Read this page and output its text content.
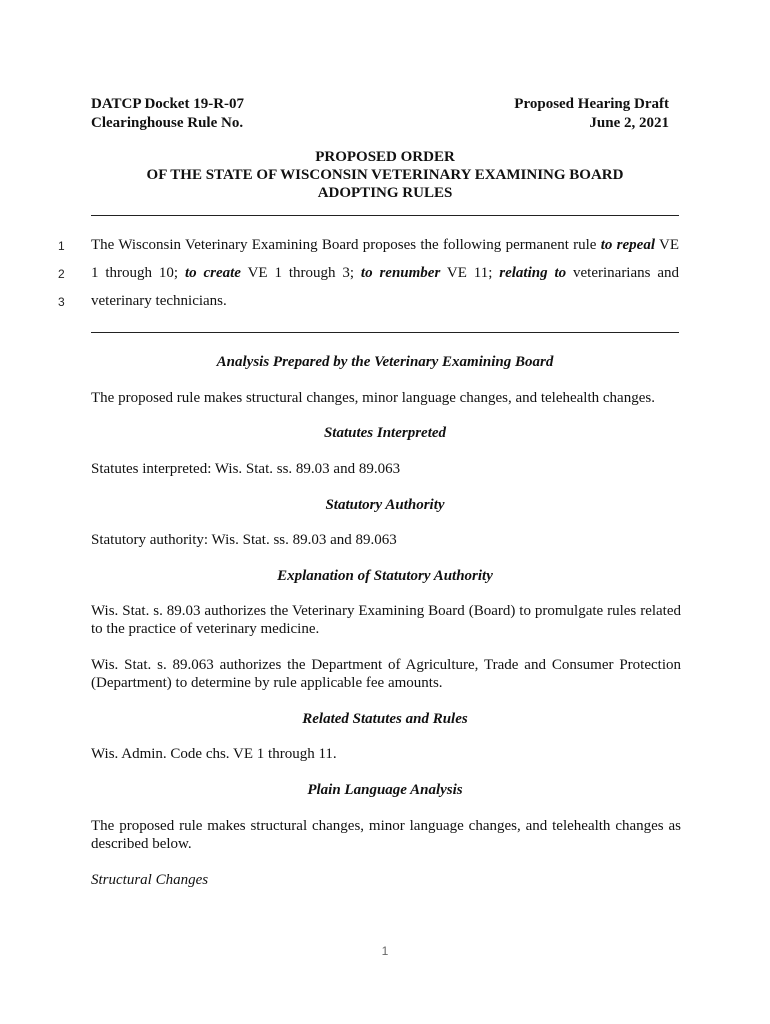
DATCP Docket 19-R-07
Clearinghouse Rule No.
Proposed Hearing Draft
June 2, 2021
PROPOSED ORDER
OF THE STATE OF WISCONSIN VETERINARY EXAMINING BOARD
ADOPTING RULES
1
2
3
The Wisconsin Veterinary Examining Board proposes the following permanent rule to repeal VE
1 through 10; to create VE 1 through 3; to renumber VE 11; relating to veterinarians and
veterinary technicians.
Analysis Prepared by the Veterinary Examining Board
The proposed rule makes structural changes, minor language changes, and telehealth changes.
Statutes Interpreted
Statutes interpreted: Wis. Stat. ss. 89.03 and 89.063
Statutory Authority
Statutory authority: Wis. Stat. ss. 89.03 and 89.063
Explanation of Statutory Authority
Wis. Stat. s. 89.03 authorizes the Veterinary Examining Board (Board) to promulgate rules related to the practice of veterinary medicine.
Wis. Stat. s. 89.063 authorizes the Department of Agriculture, Trade and Consumer Protection (Department) to determine by rule applicable fee amounts.
Related Statutes and Rules
Wis. Admin. Code chs. VE 1 through 11.
Plain Language Analysis
The proposed rule makes structural changes, minor language changes, and telehealth changes as described below.
Structural Changes
1
